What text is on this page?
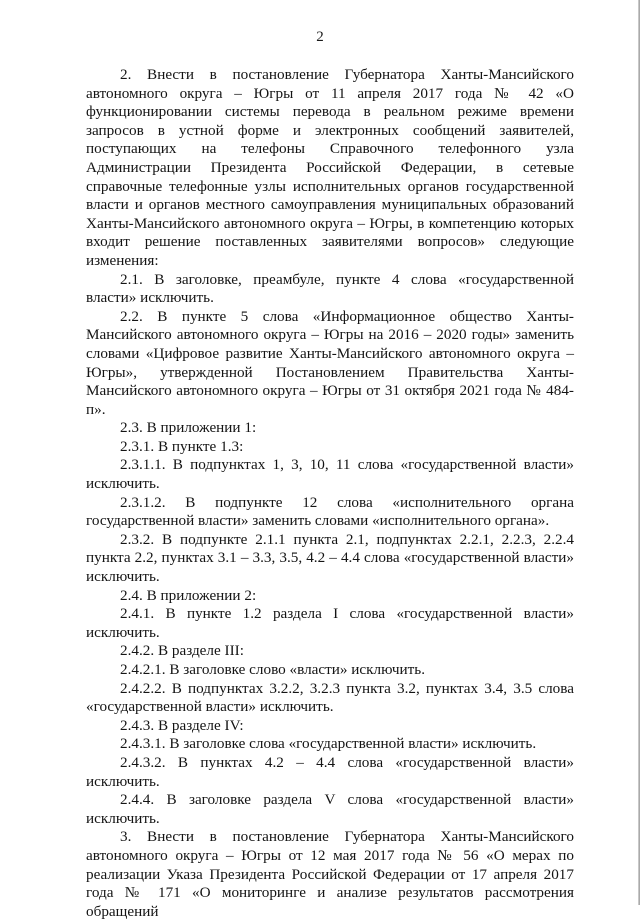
2

2. Внести в постановление Губернатора Ханты-Мансийского автономного округа – Югры от 11 апреля 2017 года № 42 «О функционировании системы перевода в реальном режиме времени запросов в устной форме и электронных сообщений заявителей, поступающих на телефоны Справочного телефонного узла Администрации Президента Российской Федерации, в сетевые справочные телефонные узлы исполнительных органов государственной власти и органов местного самоуправления муниципальных образований Ханты-Мансийского автономного округа – Югры, в компетенцию которых входит решение поставленных заявителями вопросов» следующие изменения:

2.1. В заголовке, преамбуле, пункте 4 слова «государственной власти» исключить.

2.2. В пункте 5 слова «Информационное общество Ханты-Мансийского автономного округа – Югры на 2016 – 2020 годы» заменить словами «Цифровое развитие Ханты-Мансийского автономного округа – Югры», утвержденной Постановлением Правительства Ханты-Мансийского автономного округа – Югры от 31 октября 2021 года № 484-п».

2.3. В приложении 1:

2.3.1. В пункте 1.3:

2.3.1.1. В подпунктах 1, 3, 10, 11 слова «государственной власти» исключить.

2.3.1.2. В подпункте 12 слова «исполнительного органа государственной власти» заменить словами «исполнительного органа».

2.3.2. В подпункте 2.1.1 пункта 2.1, подпунктах 2.2.1, 2.2.3, 2.2.4 пункта 2.2, пунктах 3.1 – 3.3, 3.5, 4.2 – 4.4 слова «государственной власти» исключить.

2.4. В приложении 2:

2.4.1. В пункте 1.2 раздела I слова «государственной власти» исключить.

2.4.2. В разделе III:

2.4.2.1. В заголовке слово «власти» исключить.

2.4.2.2. В подпунктах 3.2.2, 3.2.3 пункта 3.2, пунктах 3.4, 3.5 слова «государственной власти» исключить.

2.4.3. В разделе IV:

2.4.3.1. В заголовке слова «государственной власти» исключить.

2.4.3.2. В пунктах 4.2 – 4.4 слова «государственной власти» исключить.

2.4.4. В заголовке раздела V слова «государственной власти» исключить.

3. Внести в постановление Губернатора Ханты-Мансийского автономного округа – Югры от 12 мая 2017 года № 56 «О мерах по реализации Указа Президента Российской Федерации от 17 апреля 2017 года № 171 «О мониторинге и анализе результатов рассмотрения обращений
